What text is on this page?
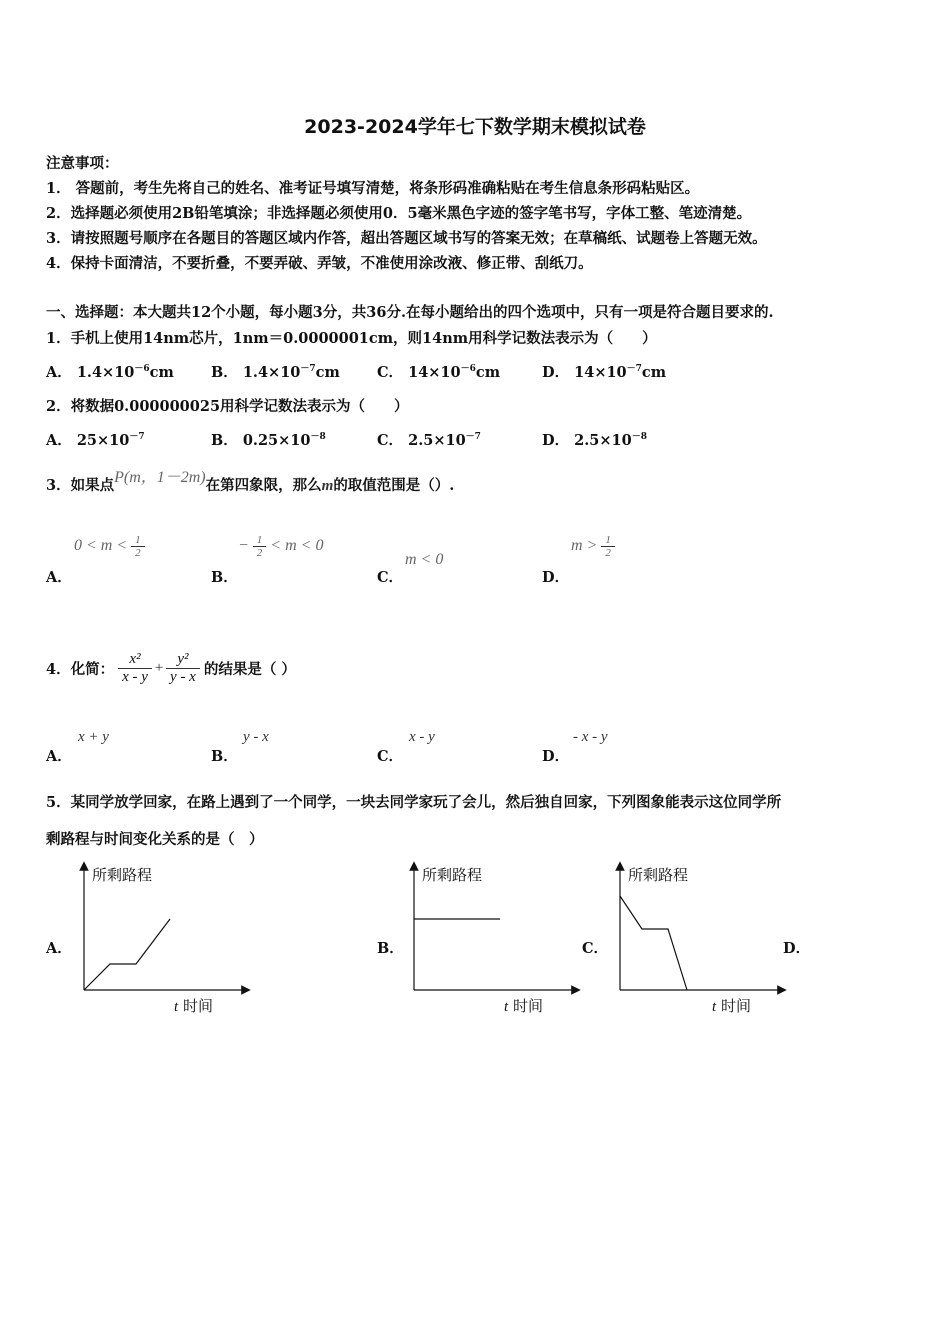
2023-2024学年七下数学期末模拟试卷
注意事项：
1． 答题前，考生先将自己的姓名、准考证号填写清楚，将条形码准确粘贴在考生信息条形码粘贴区。
2．选择题必须使用2B铅笔填涂；非选择题必须使用0．5毫米黑色字迹的签字笔书写，字体工整、笔迹清楚。
3．请按照题号顺序在各题目的答题区域内作答，超出答题区域书写的答案无效；在草稿纸、试题卷上答题无效。
4．保持卡面清洁，不要折叠，不要弄破、弄皱，不准使用涂改液、修正带、刮纸刀。
一、选择题：本大题共12个小题，每小题3分，共36分.在每小题给出的四个选项中，只有一项是符合题目要求的.
1．手机上使用14nm芯片，1nm＝0.0000001cm，则14nm用科学记数法表示为（　　）
A． $1.4\times 10^{-6}cm$	B． $1.4\times 10^{-7}cm$	C． $14\times 10^{-6}cm$	D． $14\times 10^{-7}cm$
2．将数据0.000000025用科学记数法表示为（　　）
A． $25\times 10^{-7}$	B． $0.25\times 10^{-8}$	C． $2.5\times 10^{-7}$	D． $2.5\times 10^{-8}$
3．如果点P(m，1－2m)在第四象限，那么m的取值范围是（）.
A．
$0 < m < \frac{1}{2}$
B．
− $\frac{1}{2} < m < 0$
C．
m < 0
D．
$m > \frac{1}{2}$
4．化简： $\frac{\text{x²}}{x - y} + \frac{\text{y²}}{y - x}$ 的结果是（ ）
A．
x + y
B．
y - x
C．
x - y
D．
- x - y
5．某同学放学回家，在路上遇到了一个同学，一块去同学家玩了会儿，然后独自回家，下列图象能表示这位同学所
剩路程与时间变化关系的是（　）
A．	B．	C．	D．
所剩路程
t 时间
所剩路程
t 时间
所剩路程
t 时间
